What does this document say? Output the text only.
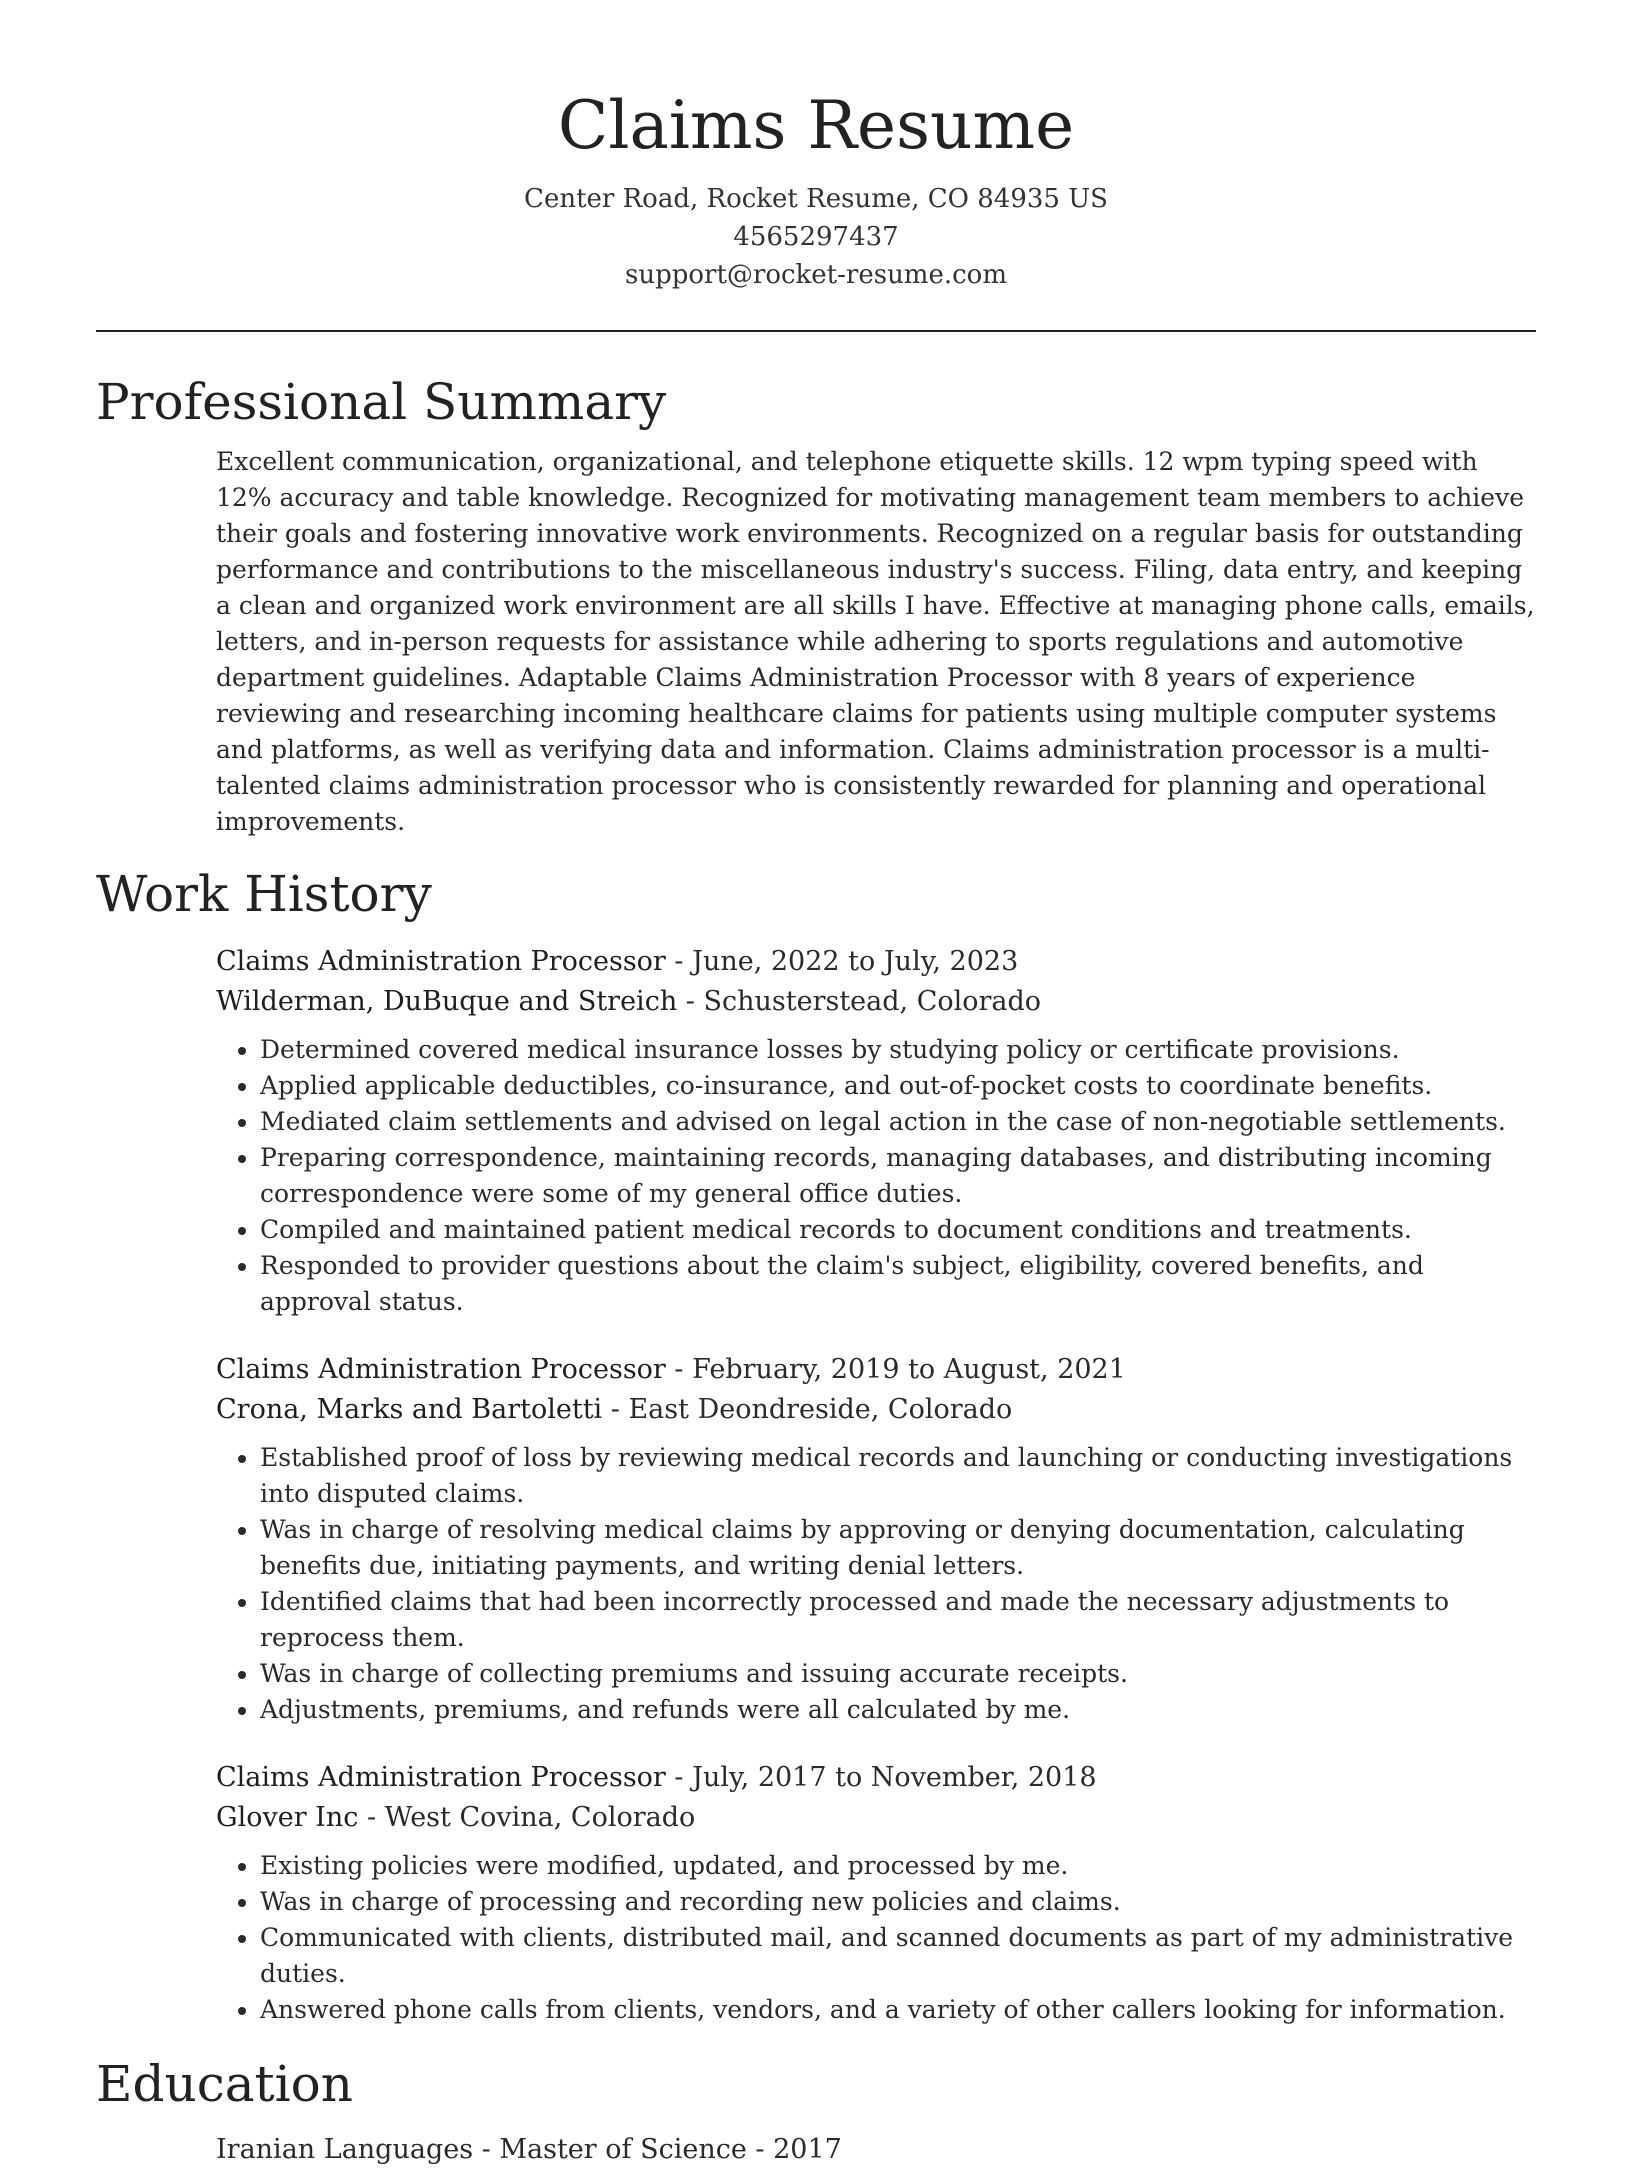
Claims Resume
Center Road, Rocket Resume, CO 84935 US
4565297437
support@rocket-resume.com
Professional Summary
Excellent communication, organizational, and telephone etiquette skills. 12 wpm typing speed with 12% accuracy and table knowledge. Recognized for motivating management team members to achieve their goals and fostering innovative work environments. Recognized on a regular basis for outstanding performance and contributions to the miscellaneous industry's success. Filing, data entry, and keeping a clean and organized work environment are all skills I have. Effective at managing phone calls, emails, letters, and in-person requests for assistance while adhering to sports regulations and automotive department guidelines. Adaptable Claims Administration Processor with 8 years of experience reviewing and researching incoming healthcare claims for patients using multiple computer systems and platforms, as well as verifying data and information. Claims administration processor is a multi-talented claims administration processor who is consistently rewarded for planning and operational improvements.
Work History
Claims Administration Processor - June, 2022 to July, 2023
Wilderman, DuBuque and Streich - Schusterstead, Colorado
• Determined covered medical insurance losses by studying policy or certificate provisions.
• Applied applicable deductibles, co-insurance, and out-of-pocket costs to coordinate benefits.
• Mediated claim settlements and advised on legal action in the case of non-negotiable settlements.
• Preparing correspondence, maintaining records, managing databases, and distributing incoming correspondence were some of my general office duties.
• Compiled and maintained patient medical records to document conditions and treatments.
• Responded to provider questions about the claim's subject, eligibility, covered benefits, and approval status.
Claims Administration Processor - February, 2019 to August, 2021
Crona, Marks and Bartoletti - East Deondreside, Colorado
• Established proof of loss by reviewing medical records and launching or conducting investigations into disputed claims.
• Was in charge of resolving medical claims by approving or denying documentation, calculating benefits due, initiating payments, and writing denial letters.
• Identified claims that had been incorrectly processed and made the necessary adjustments to reprocess them.
• Was in charge of collecting premiums and issuing accurate receipts.
• Adjustments, premiums, and refunds were all calculated by me.
Claims Administration Processor - July, 2017 to November, 2018
Glover Inc - West Covina, Colorado
• Existing policies were modified, updated, and processed by me.
• Was in charge of processing and recording new policies and claims.
• Communicated with clients, distributed mail, and scanned documents as part of my administrative duties.
• Answered phone calls from clients, vendors, and a variety of other callers looking for information.
Education
Iranian Languages - Master of Science - 2017
